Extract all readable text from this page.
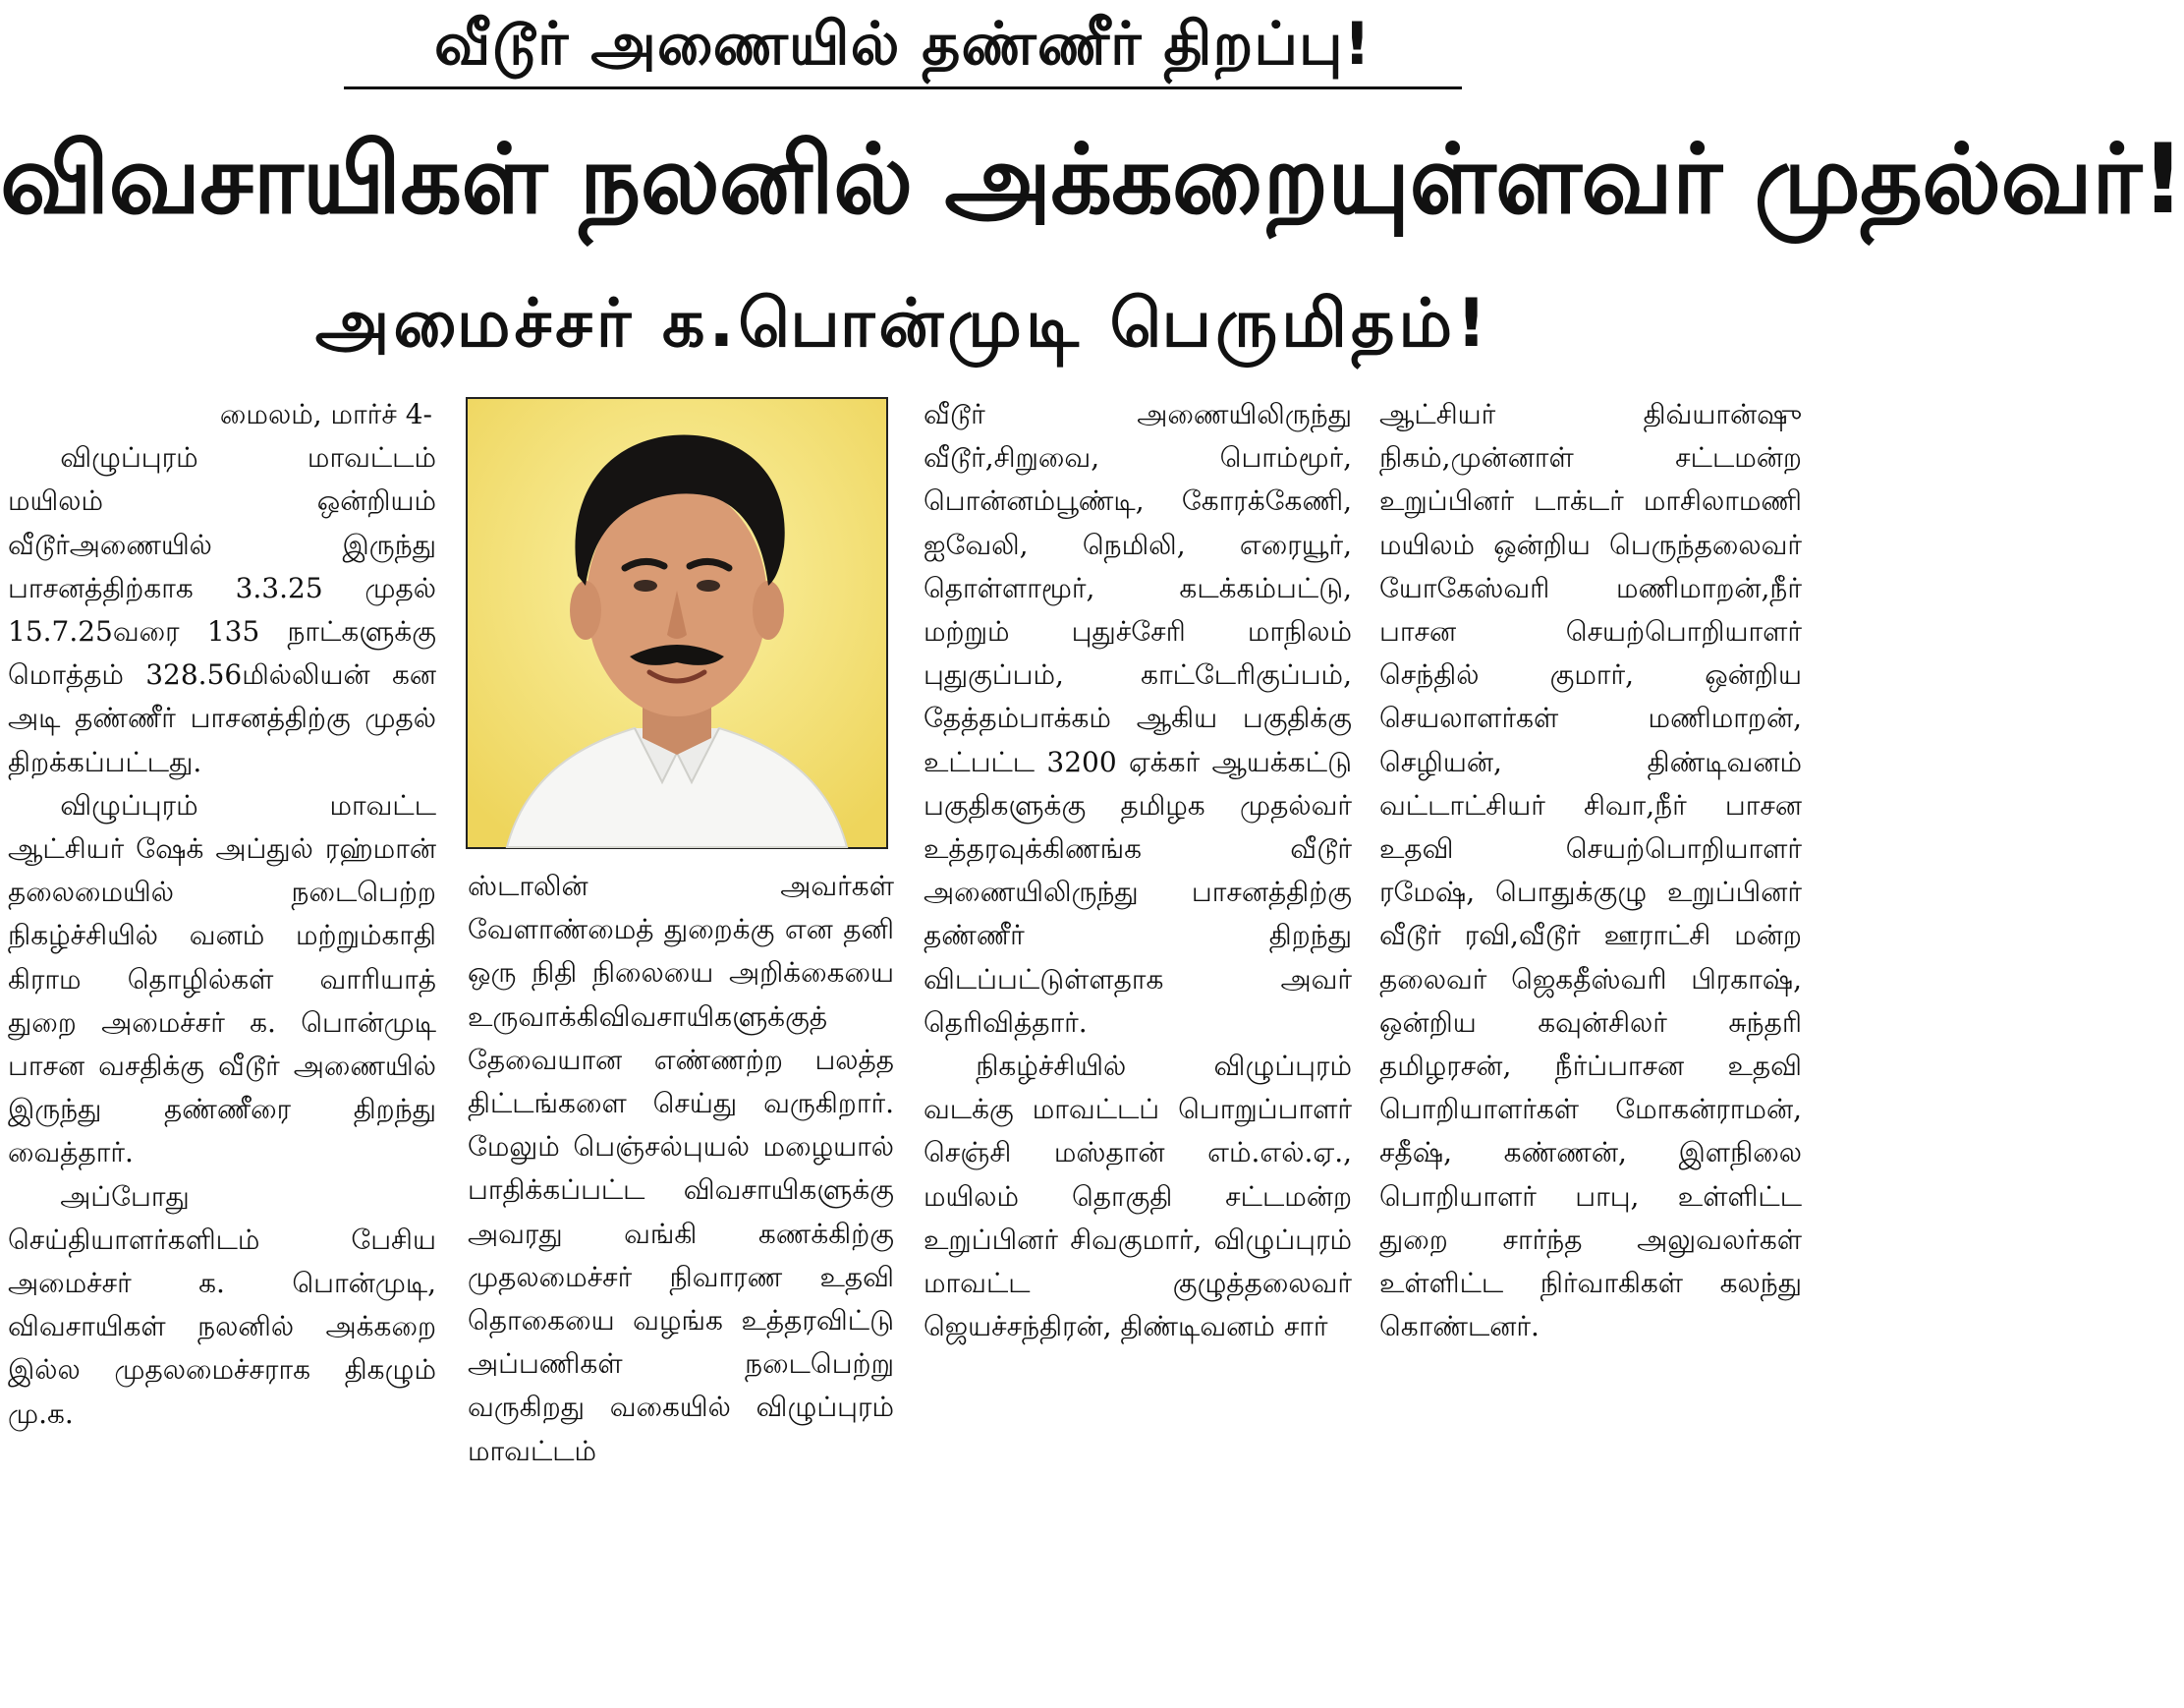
வீடூர் அணையில் தண்ணீர் திறப்பு!
விவசாயிகள் நலனில் அக்கறையுள்ளவர் முதல்வர்!
அமைச்சர் க.பொன்முடி பெருமிதம்!

மைலம், மார்ச் 4-

விழுப்புரம் மாவட்டம் மயிலம் ஒன்றியம் வீடூர்அணையில் இருந்து பாசனத்திற்காக 3.3.25 முதல் 15.7.25வரை 135 நாட்களுக்கு மொத்தம் 328.56மில்லியன் கன அடி தண்ணீர் பாசனத்திற்கு முதல் திறக்கப்பட்டது.

விழுப்புரம் மாவட்ட ஆட்சியர் ஷேக் அப்துல் ரஹ்மான் தலைமையில் நடைபெற்ற நிகழ்ச்சியில் வனம் மற்றும்காதி கிராம தொழில்கள் வாரியாத் துறை அமைச்சர் க. பொன்முடி பாசன வசதிக்கு வீடூர் அணையில் இருந்து தண்ணீரை திறந்து வைத்தார்.

அப்போது செய்தியாளர்களிடம் பேசிய அமைச்சர் க. பொன்முடி, விவசாயிகள் நலனில் அக்கறை இல்ல முதலமைச்சராக திகழும் மு.க.

ஸ்டாலின் அவர்கள் வேளாண்மைத் துறைக்கு என தனி ஒரு நிதி நிலையை அறிக்கையை உருவாக்கிவிவசாயிகளுக்குத் தேவையான எண்ணற்ற பலத்த திட்டங்களை செய்து வருகிறார். மேலும் பெஞ்சல்புயல் மழையால் பாதிக்கப்பட்ட விவசாயிகளுக்கு அவரது வங்கி கணக்கிற்கு முதலமைச்சர் நிவாரண உதவி தொகையை வழங்க உத்தரவிட்டு அப்பணிகள் நடைபெற்று வருகிறது வகையில் விழுப்புரம் மாவட்டம்

வீடூர் அணையிலிருந்து வீடூர்,சிறுவை, பொம்மூர், பொன்னம்பூண்டி, கோரக்கேணி, ஐவேலி, நெமிலி, எரையூர், தொள்ளாமூர், கடக்கம்பட்டு, மற்றும் புதுச்சேரி மாநிலம் புதுகுப்பம், காட்டேரிகுப்பம், தேத்தம்பாக்கம் ஆகிய பகுதிக்கு உட்பட்ட 3200 ஏக்கர் ஆயக்கட்டு பகுதிகளுக்கு தமிழக முதல்வர் உத்தரவுக்கிணங்க வீடூர் அணையிலிருந்து பாசனத்திற்கு தண்ணீர் திறந்து விடப்பட்டுள்ளதாக அவர் தெரிவித்தார்.

நிகழ்ச்சியில் விழுப்புரம் வடக்கு மாவட்டப் பொறுப்பாளர் செஞ்சி மஸ்தான் எம்.எல்.ஏ., மயிலம் தொகுதி சட்டமன்ற உறுப்பினர் சிவகுமார், விழுப்புரம் மாவட்ட குழுத்தலைவர் ஜெயச்சந்திரன், திண்டிவனம் சார்

ஆட்சியர் திவ்யான்ஷு நிகம்,முன்னாள் சட்டமன்ற உறுப்பினர் டாக்டர் மாசிலாமணி மயிலம் ஒன்றிய பெருந்தலைவர் யோகேஸ்வரி மணிமாறன்,நீர் பாசன செயற்பொறியாளர் செந்தில் குமார், ஒன்றிய செயலாளர்கள் மணிமாறன், செழியன், திண்டிவனம் வட்டாட்சியர் சிவா,நீர் பாசன உதவி செயற்பொறியாளர் ரமேஷ், பொதுக்குழு உறுப்பினர் வீடூர் ரவி,வீடூர் ஊராட்சி மன்ற தலைவர் ஜெகதீஸ்வரி பிரகாஷ், ஒன்றிய கவுன்சிலர் சுந்தரி தமிழரசன், நீர்ப்பாசன உதவி பொறியாளர்கள் மோகன்ராமன், சதீஷ், கண்ணன், இளநிலை பொறியாளர் பாபு, உள்ளிட்ட துறை சார்ந்த அலுவலர்கள் உள்ளிட்ட நிர்வாகிகள் கலந்து கொண்டனர்.
